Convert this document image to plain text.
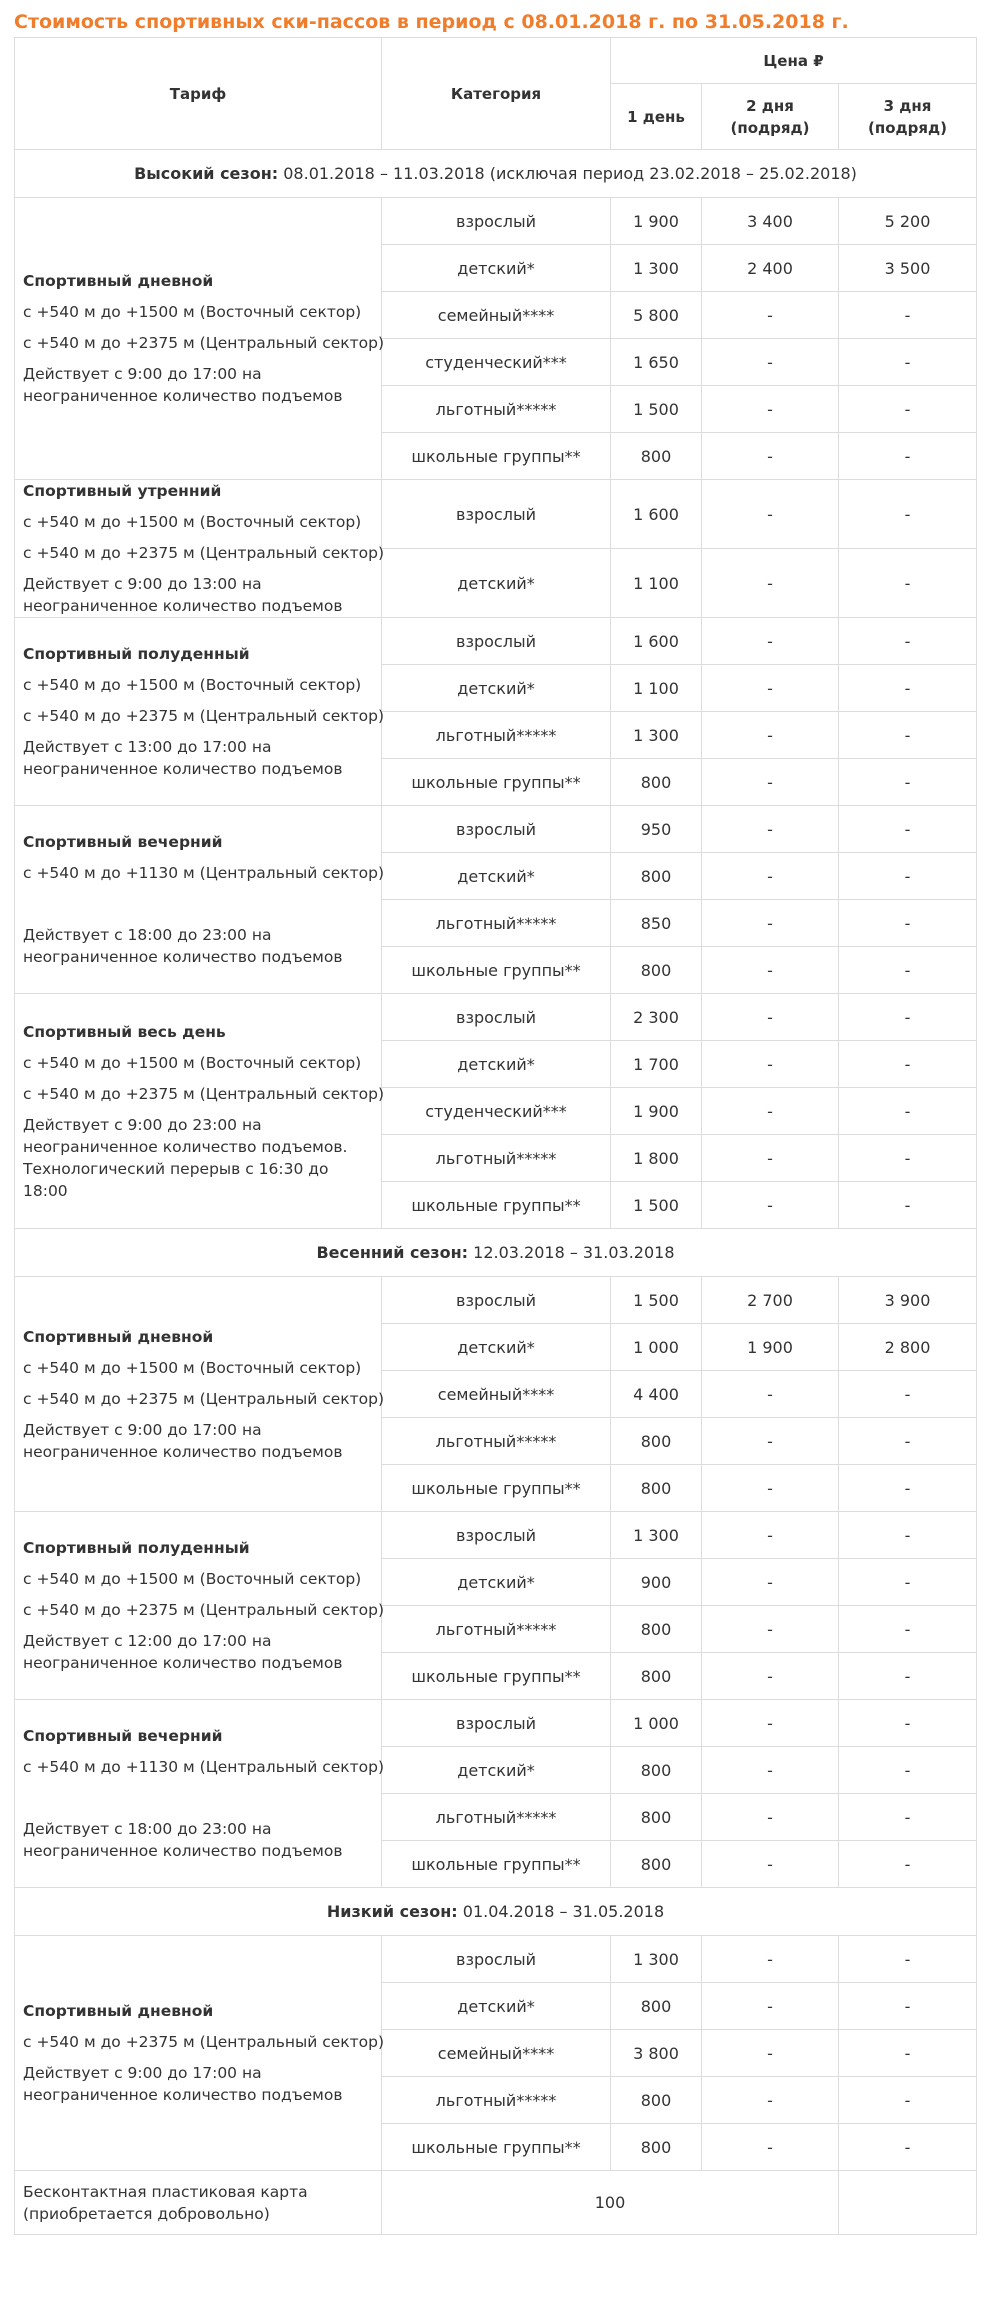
Стоимость спортивных ски-пассов в период с 08.01.2018 г. по 31.05.2018 г.
Тариф	Категория	Цена ₽		
		1 день	2 дня (подряд)	3 дня (подряд)
Высокий сезон: 08.01.2018 – 11.03.2018 (исключая период 23.02.2018 – 25.02.2018)				

Спортивный дневной
с +540 м до +1500 м (Восточный сектор)
с +540 м до +2375 м (Центральный сектор)
Действует с 9:00 до 17:00 на неограниченное количество подъемов	взрослый	1 900	3 400	5 200
	детский*	1 300	2 400	3 500
	семейный****	5 800	-	-
	студенческий***	1 650	-	-
	льготный*****	1 500	-	-
	школьные группы**	800	-	-

Спортивный утренний
с +540 м до +1500 м (Восточный сектор)
с +540 м до +2375 м (Центральный сектор)
Действует с 9:00 до 13:00 на неограниченное количество подъемов	взрослый	1 600	-	-
	детский*	1 100	-	-

Спортивный полуденный
с +540 м до +1500 м (Восточный сектор)
с +540 м до +2375 м (Центральный сектор)
Действует с 13:00 до 17:00 на неограниченное количество подъемов	взрослый	1 600	-	-
	детский*	1 100	-	-
	льготный*****	1 300	-	-
	школьные группы**	800	-	-

Спортивный вечерний
с +540 м до +1130 м (Центральный сектор)
Действует с 18:00 до 23:00 на неограниченное количество подъемов	взрослый	950	-	-
	детский*	800	-	-
	льготный*****	850	-	-
	школьные группы**	800	-	-

Спортивный весь день
с +540 м до +1500 м (Восточный сектор)
с +540 м до +2375 м (Центральный сектор)
Действует с 9:00 до 23:00 на неограниченное количество подъемов. Технологический перерыв с 16:30 до 18:00	взрослый	2 300	-	-
	детский*	1 700	-	-
	студенческий***	1 900	-	-
	льготный*****	1 800	-	-
	школьные группы**	1 500	-	-
Весенний сезон: 12.03.2018 – 31.03.2018				

Спортивный дневной
с +540 м до +1500 м (Восточный сектор)
с +540 м до +2375 м (Центральный сектор)
Действует с 9:00 до 17:00 на неограниченное количество подъемов	взрослый	1 500	2 700	3 900
	детский*	1 000	1 900	2 800
	семейный****	4 400	-	-
	льготный*****	800	-	-
	школьные группы**	800	-	-

Спортивный полуденный
с +540 м до +1500 м (Восточный сектор)
с +540 м до +2375 м (Центральный сектор)
Действует с 12:00 до 17:00 на неограниченное количество подъемов	взрослый	1 300	-	-
	детский*	900	-	-
	льготный*****	800	-	-
	школьные группы**	800	-	-

Спортивный вечерний
с +540 м до +1130 м (Центральный сектор)
Действует с 18:00 до 23:00 на неограниченное количество подъемов	взрослый	1 000	-	-
	детский*	800	-	-
	льготный*****	800	-	-
	школьные группы**	800	-	-
Низкий сезон: 01.04.2018 – 31.05.2018				

Спортивный дневной
с +540 м до +2375 м (Центральный сектор)
Действует с 9:00 до 17:00 на неограниченное количество подъемов	взрослый	1 300	-	-
	детский*	800	-	-
	семейный****	3 800	-	-
	льготный*****	800	-	-
	школьные группы**	800	-	-
Бесконтактная пластиковая карта (приобретается добровольно)	100			
